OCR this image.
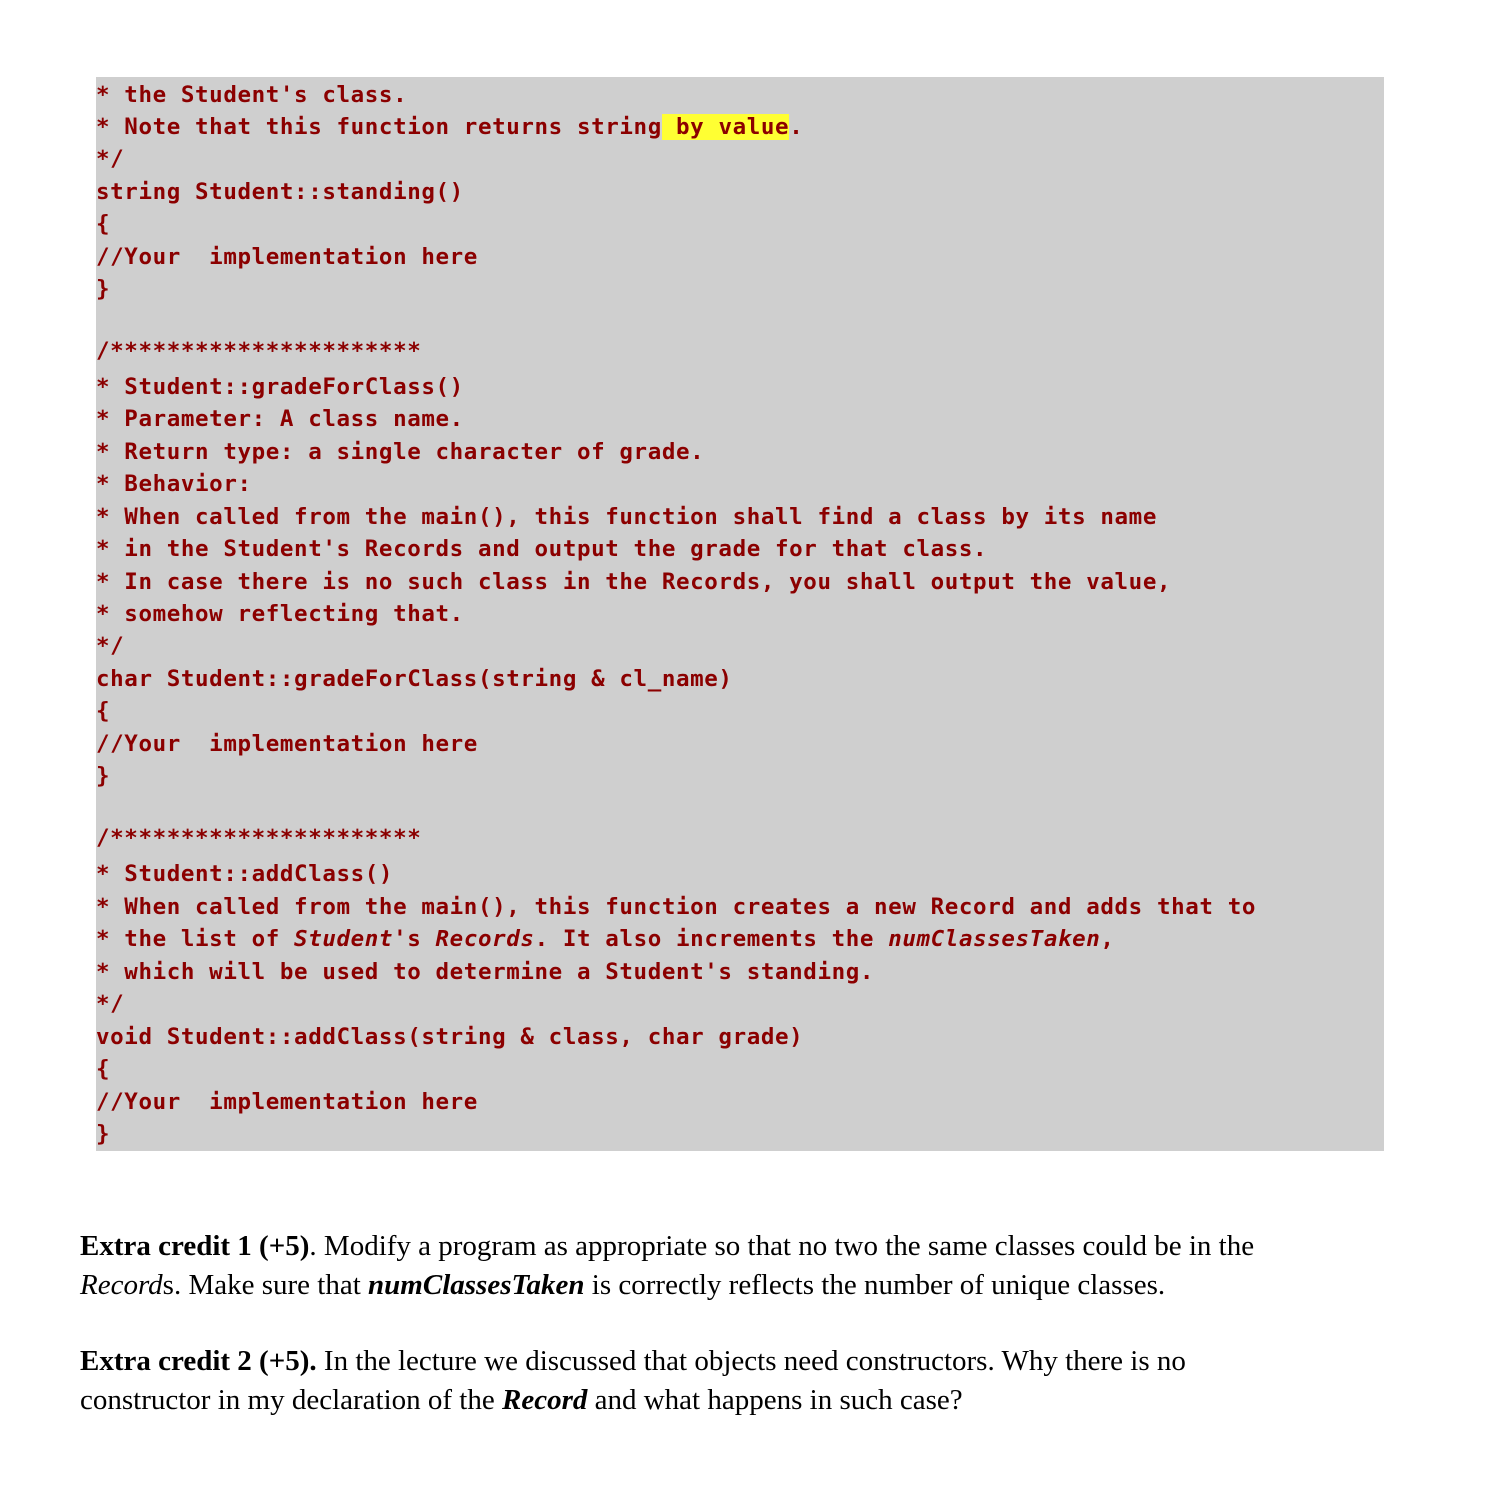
* the Student's class.
* Note that this function returns string by value.
*/
string Student::standing()
{
//Your  implementation here
}
/**********************
* Student::gradeForClass()
* Parameter: A class name.
* Return type: a single character of grade.
* Behavior:
* When called from the main(), this function shall find a class by its name
* in the Student's Records and output the grade for that class.
* In case there is no such class in the Records, you shall output the value,
* somehow reflecting that.
*/
char Student::gradeForClass(string & cl_name)
{
//Your  implementation here
}
/**********************
* Student::addClass()
* When called from the main(), this function creates a new Record and adds that to
* the list of Student's Records. It also increments the numClassesTaken,
* which will be used to determine a Student's standing.
*/
void Student::addClass(string & class, char grade)
{
//Your  implementation here
}
Extra credit 1 (+5). Modify a program as appropriate so that no two the same classes could be in the
Records. Make sure that numClassesTaken is correctly reflects the number of unique classes.
Extra credit 2 (+5). In the lecture we discussed that objects need constructors. Why there is no
constructor in my declaration of the Record and what happens in such case?
